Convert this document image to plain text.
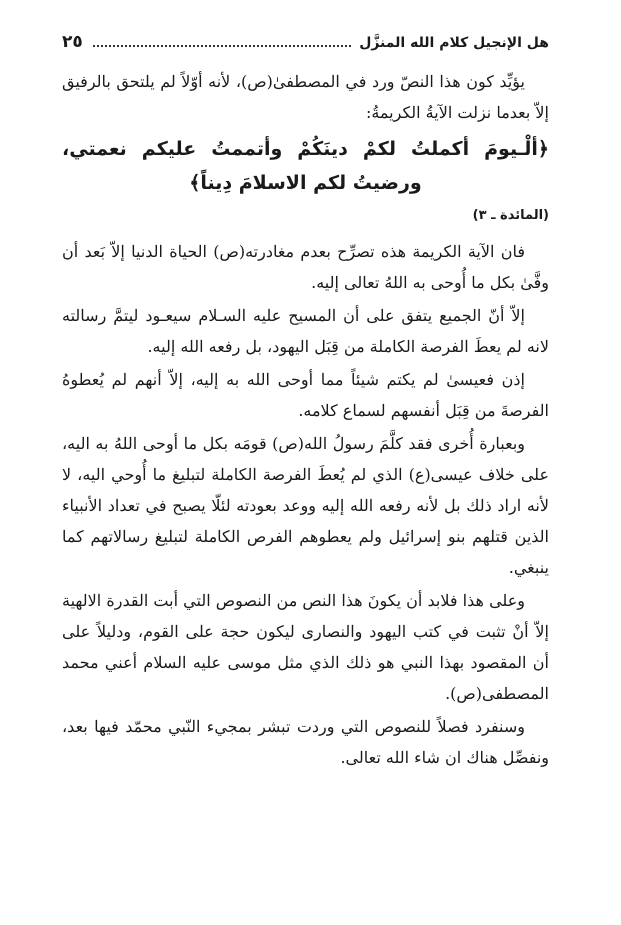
هل الإنجيل كلام الله المنزَّل
٢٥

يؤيِّد كون هذا النصّ ورد في المصطفىٰ(ص)، لأنه أوّلاً لم يلتحق بالرفيق إلاّ بعدما نزلت الآيةُ الكريمةُ:

﴿ألْـيومَ أكملتُ لكمْ دينَكُمْ وأتممتُ عليكم نعمتي، ورضيتُ لكم الاسلامَ دِيناً﴾
(المائدة ـ ٣)

فان الآية الكريمة هذه تصرِّح بعدم مغادرته(ص) الحياة الدنيا إلاّ بَعد أن وفَّىٰ بكل ما أُوحى به اللهُ تعالى إليه.

إلاّ أنّ الجميع يتفق على أن المسيح عليه السـلام سيعـود ليتمَّ رسالته لانه لم يعطَ الفرصة الكاملة من قِبَل اليهود، بل رفعه الله إليه.

إذن فعيسىٰ لم يكتم شيئاً مما أوحى الله به إليه، إلاّ أنهم لم يُعطوهُ الفرصةَ من قِبَل أنفسهم لسماع كلامه.

وبعبارة أُخرى فقد كلَّمَ رسولُ الله(ص) قومَه بكل ما أوحى اللهُ به اليه، على خلاف عيسى(ع) الذي لم يُعطَ الفرصة الكاملة لتبليغ ما أُوحي اليه، لا لأنه اراد ذلك بل لأنه رفعه الله إليه ووعد بعودته لئلّا يصبح في تعداد الأنبياء الذين قتلهم بنو إسرائيل ولم يعطوهم الفرص الكاملة لتبليغ رسالاتهم كما ينبغي.

وعلى هذا فلابد أن يكونَ هذا النص من النصوص التي أبت القدرة الالهية إلاّ أنْ تثبت في كتب اليهود والنصارى ليكون حجة على القوم، ودليلاً على أن المقصود بهذا النبي هو ذلك الذي مثل موسى عليه السلام أعني محمد المصطفى(ص).

وسنفرد فصلاً للنصوص التي وردت تبشر بمجيء النّبي محمّد فيها بعد، ونفصِّل هناك ان شاء الله تعالى.
